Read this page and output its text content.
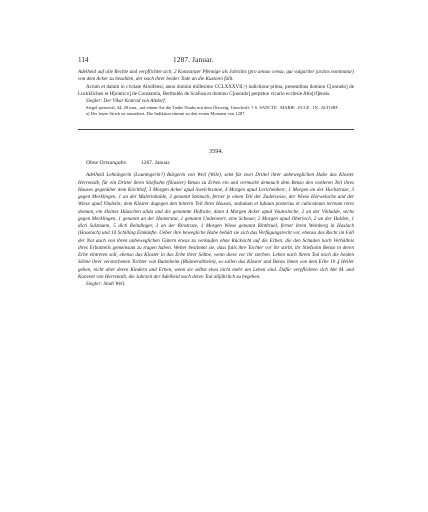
114	1287. Januar.

Adelheid auf alle Rechte und verpflichtet sich, 2 Konstanzer Pfennige als Jahrzins (pro annuo censu, qui vulgariter jarzins nominatur) von dem Acker zu bezahlen, der nach ihrer beider Tode an die Kustorei fällt.

Actum et datum in civitate Altolfensi, anno domini millesimo CCLXXXVII,ᵃ) indictione prima, presentibus domino C[onrado] de Luckkilchen et H[einrico] de Constantia, Bertholdo de Scafusa et domino C[onrado] perpetuo vicario ecclesie Alto[rf]ensis.

Siegler: Der Vikar Konrad von Altdorf.

Siegel spitzoval, 44, 28 mm., auf einem Ast die Taube Noahs mit dem Ölzweig; Umschrift: † S. SANCTE . MARIE . ECCE . IN . ALTORF .

a) Der letzte Strich ist ausradiert. Die Indiktion stimmt zu den ersten Monaten von 1287.

3594.
Ohne Ortsangabe. 1287. Januar.

Adelheid Lehningerin (Louningerin?) Bürgerin von Weil (Wile), setzt für zwei Drittel ihrer unbeweglichen Habe das Kloster Herrenalb, für ein Drittel ihren Stiefsohn (filiaster) Benzo zu Erben ein und vermacht demnach dem Benzo den vorderen Teil ihres Hauses gegenüber dem Kirchhof, 3 Morgen Acker apud Swelchrunne, 4 Morgen apud Lerichenberc, 1 Morgen an der Hochstraze, 3 gegen Merklingen, 1 an der Malerinhalde, 3 genannt Steinach, ferner je einen Teil der Zadelswise, der Wiese Horwelache und der Wiese apud Vindelin; dem Kloster dagegen den hintern Teil ihres Hauses, stabulum et lubium posterius et cubiculeum terreum retro domum, ein kleines Häuschen allda und die genannte Hofraite, dann 4 Morgen Acker apud Voutesloche, 2 an der Vinhalde, sechs gegen Merklingen, 1 genannt an der Hamerstat, 1 genannt Undenwert, eine Scheuer, 2 Morgen apud Oberloch, 2 an der Halden, 1 dicti Salzmann, 5 dicti Reindinger, 3 an der Rinstraze, 1 Morgen Wiese genannt Rintbruel, ferner ihren Weinberg in Haslach (Haselach) und 10 Schilling Einkünfte. Ueber ihre bewegliche Habe behält sie sich das Verfügungsrecht vor, ebenso das Recht im Fall der Not auch von ihren unbeweglichen Gütern etwas zu verkaufen ohne Rücksicht auf die Erben, die den Schaden nach Verhältnis ihres Erbanteils gemeinsam zu tragen haben. Weiter bestimmt sie, dass falls ihre Tochter vor ihr stirbt, ihr Stiefsohn Benzo in deren Erbe eintreten soll, ebenso das Kloster in das Erbe ihrer Söhne, wenn diese vor ihr sterben. Leben nach ihrem Tod noch die beiden Söhne ihrer verstorbenen Tochter von Butenheim (Rhümerabheim), so sollen das Kloster und Benzo ihnen von dem Erbe 10 ₰ Heller geben, nicht aber deren Kindern und Erben, wenn sie selbst etwa nicht mehr am Leben sind. Dafür verpflichten sich Abt M. und Konvent von Herrenalb, die Jahrzeit der Adelheid nach deren Tod alljährlich zu begehen.

Siegler: Stadt Weil.
